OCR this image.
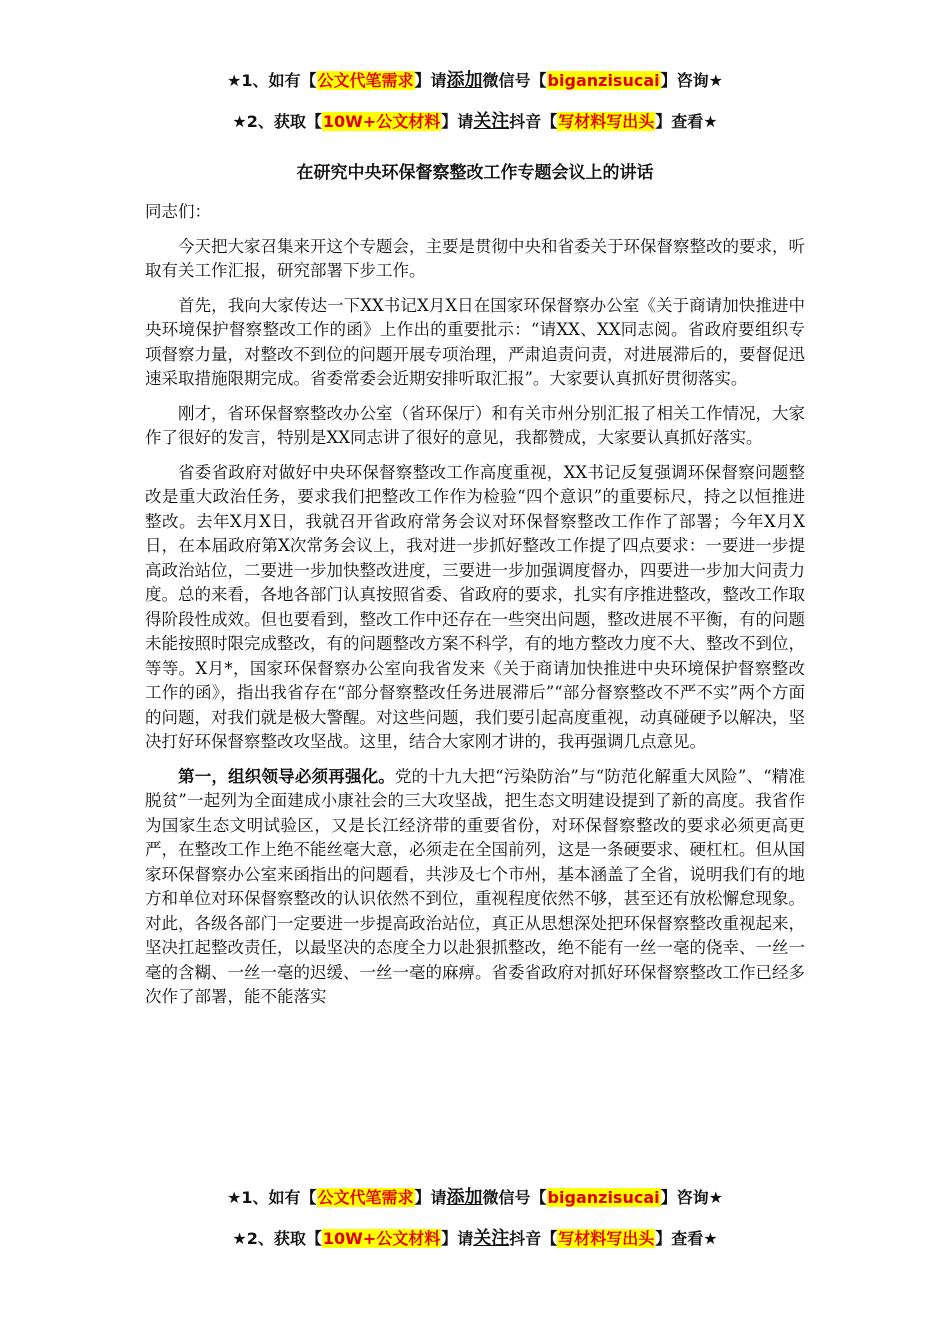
★1、如有【公文代笔需求】请添加微信号【biganzisucai】咨询★
★2、获取【10W+公文材料】请关注抖音【写材料写出头】查看★
在研究中央环保督察整改工作专题会议上的讲话

同志们：

今天把大家召集来开这个专题会，主要是贯彻中央和省委关于环保督察整改的要求，听取有关工作汇报，研究部署下步工作。

首先，我向大家传达一下XX书记X月X日在国家环保督察办公室《关于商请加快推进中央环境保护督察整改工作的函》上作出的重要批示：“请XX、XX同志阅。省政府要组织专项督察力量，对整改不到位的问题开展专项治理，严肃追责问责，对进展滞后的，要督促迅速采取措施限期完成。省委常委会近期安排听取汇报”。大家要认真抓好贯彻落实。

刚才，省环保督察整改办公室（省环保厅）和有关市州分别汇报了相关工作情况，大家作了很好的发言，特别是XX同志讲了很好的意见，我都赞成，大家要认真抓好落实。

省委省政府对做好中央环保督察整改工作高度重视，XX书记反复强调环保督察问题整改是重大政治任务，要求我们把整改工作作为检验“四个意识”的重要标尺，持之以恒推进整改。去年X月X日，我就召开省政府常务会议对环保督察整改工作作了部署；今年X月X日，在本届政府第X次常务会议上，我对进一步抓好整改工作提了四点要求：一要进一步提高政治站位，二要进一步加快整改进度，三要进一步加强调度督办，四要进一步加大问责力度。总的来看，各地各部门认真按照省委、省政府的要求，扎实有序推进整改，整改工作取得阶段性成效。但也要看到，整改工作中还存在一些突出问题，整改进展不平衡，有的问题未能按照时限完成整改，有的问题整改方案不科学，有的地方整改力度不大、整改不到位，等等。X月*，国家环保督察办公室向我省发来《关于商请加快推进中央环境保护督察整改工作的函》，指出我省存在“部分督察整改任务进展滞后”“部分督察整改不严不实”两个方面的问题，对我们就是极大警醒。对这些问题，我们要引起高度重视，动真碰硬予以解决，坚决打好环保督察整改攻坚战。这里，结合大家刚才讲的，我再强调几点意见。

第一，组织领导必须再强化。党的十九大把“污染防治”与“防范化解重大风险”、“精准脱贫”一起列为全面建成小康社会的三大攻坚战，把生态文明建设提到了新的高度。我省作为国家生态文明试验区，又是长江经济带的重要省份，对环保督察整改的要求必须更高更严，在整改工作上绝不能丝毫大意，必须走在全国前列，这是一条硬要求、硬杠杠。但从国家环保督察办公室来函指出的问题看，共涉及七个市州，基本涵盖了全省，说明我们有的地方和单位对环保督察整改的认识依然不到位，重视程度依然不够，甚至还有放松懈怠现象。对此，各级各部门一定要进一步提高政治站位，真正从思想深处把环保督察整改重视起来，坚决扛起整改责任，以最坚决的态度全力以赴狠抓整改，绝不能有一丝一毫的侥幸、一丝一毫的含糊、一丝一毫的迟缓、一丝一毫的麻痹。省委省政府对抓好环保督察整改工作已经多次作了部署，能不能落实

★1、如有【公文代笔需求】请添加微信号【biganzisucai】咨询★
★2、获取【10W+公文材料】请关注抖音【写材料写出头】查看★
